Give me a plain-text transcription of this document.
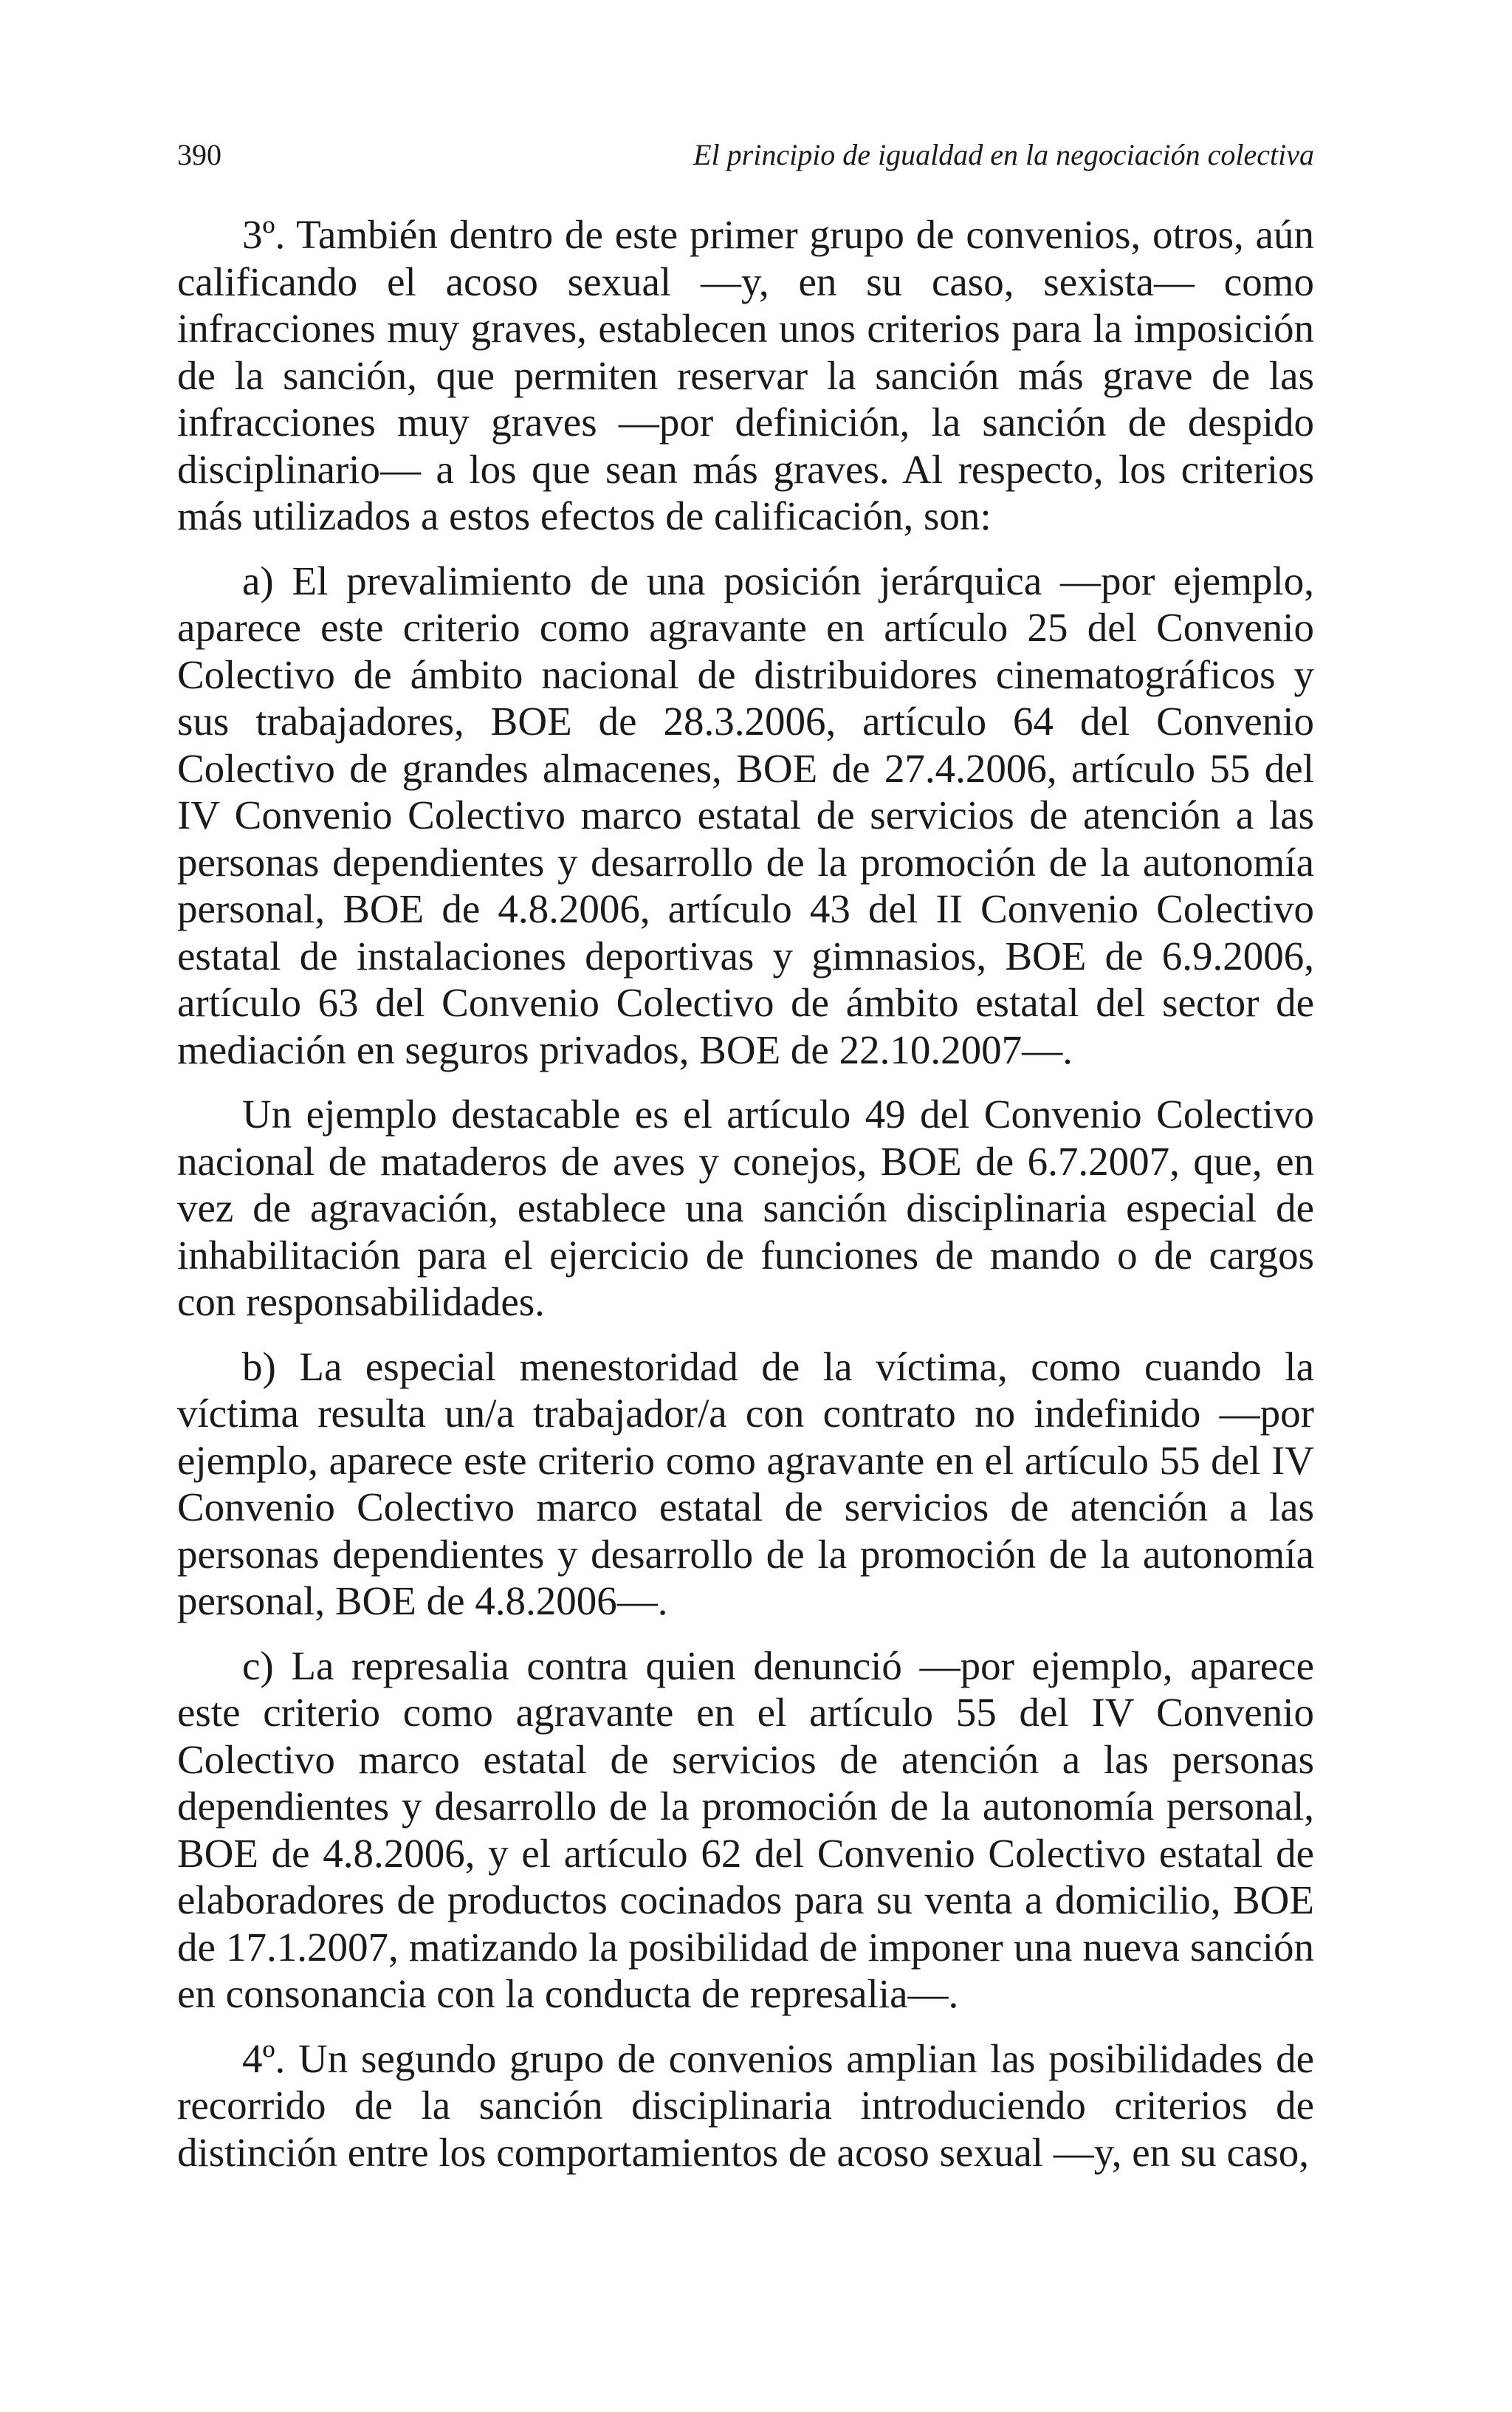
390	El principio de igualdad en la negociación colectiva

3º. También dentro de este primer grupo de convenios, otros, aún calificando el acoso sexual —y, en su caso, sexista— como infracciones muy graves, establecen unos criterios para la imposición de la sanción, que permiten reservar la sanción más grave de las infracciones muy graves —por definición, la sanción de despido disciplinario— a los que sean más graves. Al respecto, los criterios más utilizados a estos efectos de calificación, son:

a) El prevalimiento de una posición jerárquica —por ejemplo, aparece este criterio como agravante en artículo 25 del Convenio Colectivo de ámbito nacional de distribuidores cinematográficos y sus trabajadores, BOE de 28.3.2006, artículo 64 del Convenio Colectivo de grandes almacenes, BOE de 27.4.2006, artículo 55 del IV Convenio Colectivo marco estatal de servicios de atención a las personas dependientes y desarrollo de la promoción de la autonomía personal, BOE de 4.8.2006, artículo 43 del II Convenio Colectivo estatal de instalaciones deportivas y gimnasios, BOE de 6.9.2006, artículo 63 del Convenio Colectivo de ámbito estatal del sector de mediación en seguros privados, BOE de 22.10.2007—.

Un ejemplo destacable es el artículo 49 del Convenio Colectivo nacional de mataderos de aves y conejos, BOE de 6.7.2007, que, en vez de agravación, establece una sanción disciplinaria especial de inhabilitación para el ejercicio de funciones de mando o de cargos con responsabilidades.

b) La especial menestoridad de la víctima, como cuando la víctima resulta un/a trabajador/a con contrato no indefinido —por ejemplo, aparece este criterio como agravante en el artículo 55 del IV Convenio Colectivo marco estatal de servicios de atención a las personas dependientes y desarrollo de la promoción de la autonomía personal, BOE de 4.8.2006—.

c) La represalia contra quien denunció —por ejemplo, aparece este criterio como agravante en el artículo 55 del IV Convenio Colectivo marco estatal de servicios de atención a las personas dependientes y desarrollo de la promoción de la autonomía personal, BOE de 4.8.2006, y el artículo 62 del Convenio Colectivo estatal de elaboradores de productos cocinados para su venta a domicilio, BOE de 17.1.2007, matizando la posibilidad de imponer una nueva sanción en consonancia con la conducta de represalia—.

4º. Un segundo grupo de convenios amplian las posibilidades de recorrido de la sanción disciplinaria introduciendo criterios de distinción entre los comportamientos de acoso sexual —y, en su caso,
